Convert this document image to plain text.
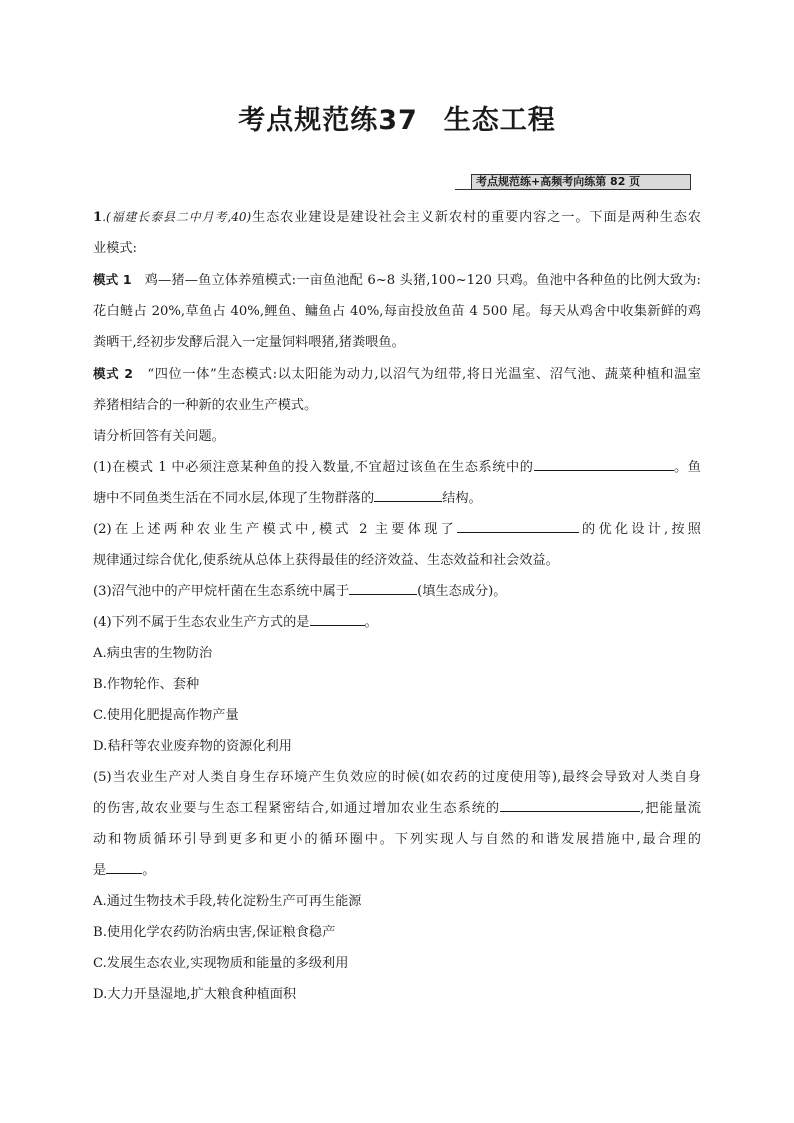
考点规范练37 生态工程
考点规范练+高频考向练第 82 页

1.(福建长泰县二中月考,40)生态农业建设是建设社会主义新农村的重要内容之一。下面是两种生态农

业模式:

模式 1 鸡—猪—鱼立体养殖模式:一亩鱼池配 6~8 头猪,100~120 只鸡。鱼池中各种鱼的比例大致为:

花白鲢占 20%,草鱼占 40%,鲤鱼、鳙鱼占 40%,每亩投放鱼苗 4 500 尾。每天从鸡舍中收集新鲜的鸡

粪晒干,经初步发酵后混入一定量饲料喂猪,猪粪喂鱼。

模式 2 “四位一体”生态模式:以太阳能为动力,以沼气为纽带,将日光温室、沼气池、蔬菜种植和温室

养猪相结合的一种新的农业生产模式。

请分析回答有关问题。

(1)在模式 1 中必须注意某种鱼的投入数量,不宜超过该鱼在生态系统中的	。鱼

塘中不同鱼类生活在不同水层,体现了生物群落的	结构。

(2)在上述两种农业生产模式中,模式 2 主要体现了	的优化设计,按照

规律通过综合优化,使系统从总体上获得最佳的经济效益、生态效益和社会效益。

(3)沼气池中的产甲烷杆菌在生态系统中属于	(填生态成分)。

(4)下列不属于生态农业生产方式的是	。

A.病虫害的生物防治

B.作物轮作、套种

C.使用化肥提高作物产量

D.秸秆等农业废弃物的资源化利用

(5)当农业生产对人类自身生存环境产生负效应的时候(如农药的过度使用等),最终会导致对人类自身

的伤害,故农业要与生态工程紧密结合,如通过增加农业生态系统的	,把能量流

动和物质循环引导到更多和更小的循环圈中。下列实现人与自然的和谐发展措施中,最合理的

是	。

A.通过生物技术手段,转化淀粉生产可再生能源

B.使用化学农药防治病虫害,保证粮食稳产

C.发展生态农业,实现物质和能量的多级利用

D.大力开垦湿地,扩大粮食种植面积
